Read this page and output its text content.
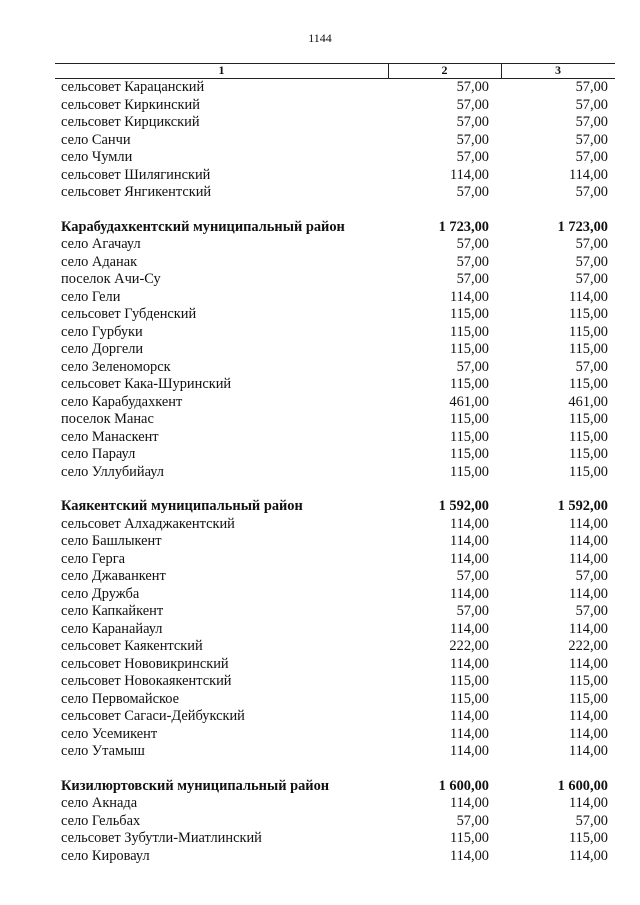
1144
1	2	3
сельсовет Карацанский	57,00	57,00
сельсовет Киркинский	57,00	57,00
сельсовет Кирцикский	57,00	57,00
село Санчи	57,00	57,00
село Чумли	57,00	57,00
сельсовет Шилягинский	114,00	114,00
сельсовет Янгикентский	57,00	57,00
Карабудахкентский муниципальный район	1 723,00	1 723,00
село Агачаул	57,00	57,00
село Аданак	57,00	57,00
поселок Ачи-Су	57,00	57,00
село Гели	114,00	114,00
сельсовет Губденский	115,00	115,00
село Гурбуки	115,00	115,00
село Доргели	115,00	115,00
село Зеленоморск	57,00	57,00
сельсовет Кака-Шуринский	115,00	115,00
село Карабудахкент	461,00	461,00
поселок Манас	115,00	115,00
село Манаскент	115,00	115,00
село Параул	115,00	115,00
село Уллубийаул	115,00	115,00
Каякентский муниципальный район	1 592,00	1 592,00
сельсовет Алхаджакентский	114,00	114,00
село Башлыкент	114,00	114,00
село Герга	114,00	114,00
село Джаванкент	57,00	57,00
село Дружба	114,00	114,00
село Капкайкент	57,00	57,00
село Каранайаул	114,00	114,00
сельсовет Каякентский	222,00	222,00
сельсовет Нововикринский	114,00	114,00
сельсовет Новокаякентский	115,00	115,00
село Первомайское	115,00	115,00
сельсовет Сагаси-Дейбукский	114,00	114,00
село Усемикент	114,00	114,00
село Утамыш	114,00	114,00
Кизилюртовский муниципальный район	1 600,00	1 600,00
село Акнада	114,00	114,00
село Гельбах	57,00	57,00
сельсовет Зубутли-Миатлинский	115,00	115,00
село Кироваул	114,00	114,00
